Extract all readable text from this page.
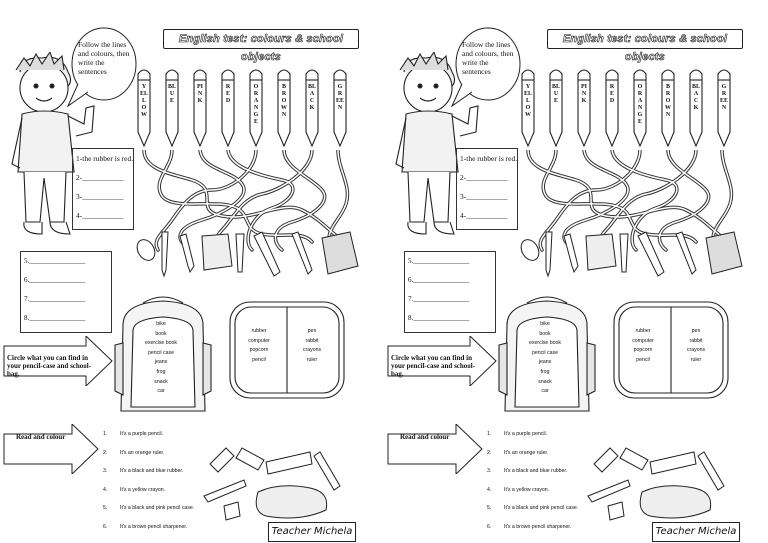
English test: colours & school objects
Follow the lines and colours, then write the sentences
1-the rubber is red.
2-___________
3-___________
4-___________
5.________________
6.________________
7.________________
8.________________
Circle what you can find in your pencil-case and school-bag.
bike
book
exercise book
pencil case
jeans
frog
snack
car
rubber
computer
popcorn
pencil
pen
rabbit
crayons
ruler
Read and colour	1. It's a purple pencil.
2. It's an orange ruler.
3. It's a black and blue rubber.
4. It's a yellow crayon.
5. It's a black and pink pencil case.
6. It's a brown pencil sharpener.	Teacher Michela
YELLOW
BLUE
PINK
RED
ORANGE
BROWN
BLACK
GREEN
English test: colours & school objects
Follow the lines and colours, then write the sentences
1-the rubber is red.
2-___________
3-___________
4-___________
5.________________
6.________________
7.________________
8.________________
Circle what you can find in your pencil-case and school-bag.
bike
book
exercise book
pencil case
jeans
frog
snack
car
rubber
computer
popcorn
pencil
pen
rabbit
crayons
ruler
Read and colour	1. It's a purple pencil.
2. It's an orange ruler.
3. It's a black and blue rubber.
4. It's a yellow crayon.
5. It's a black and pink pencil case.
6. It's a brown pencil sharpener.	Teacher Michela
YELLOW
BLUE
PINK
RED
ORANGE
BROWN
BLACK
GREEN
